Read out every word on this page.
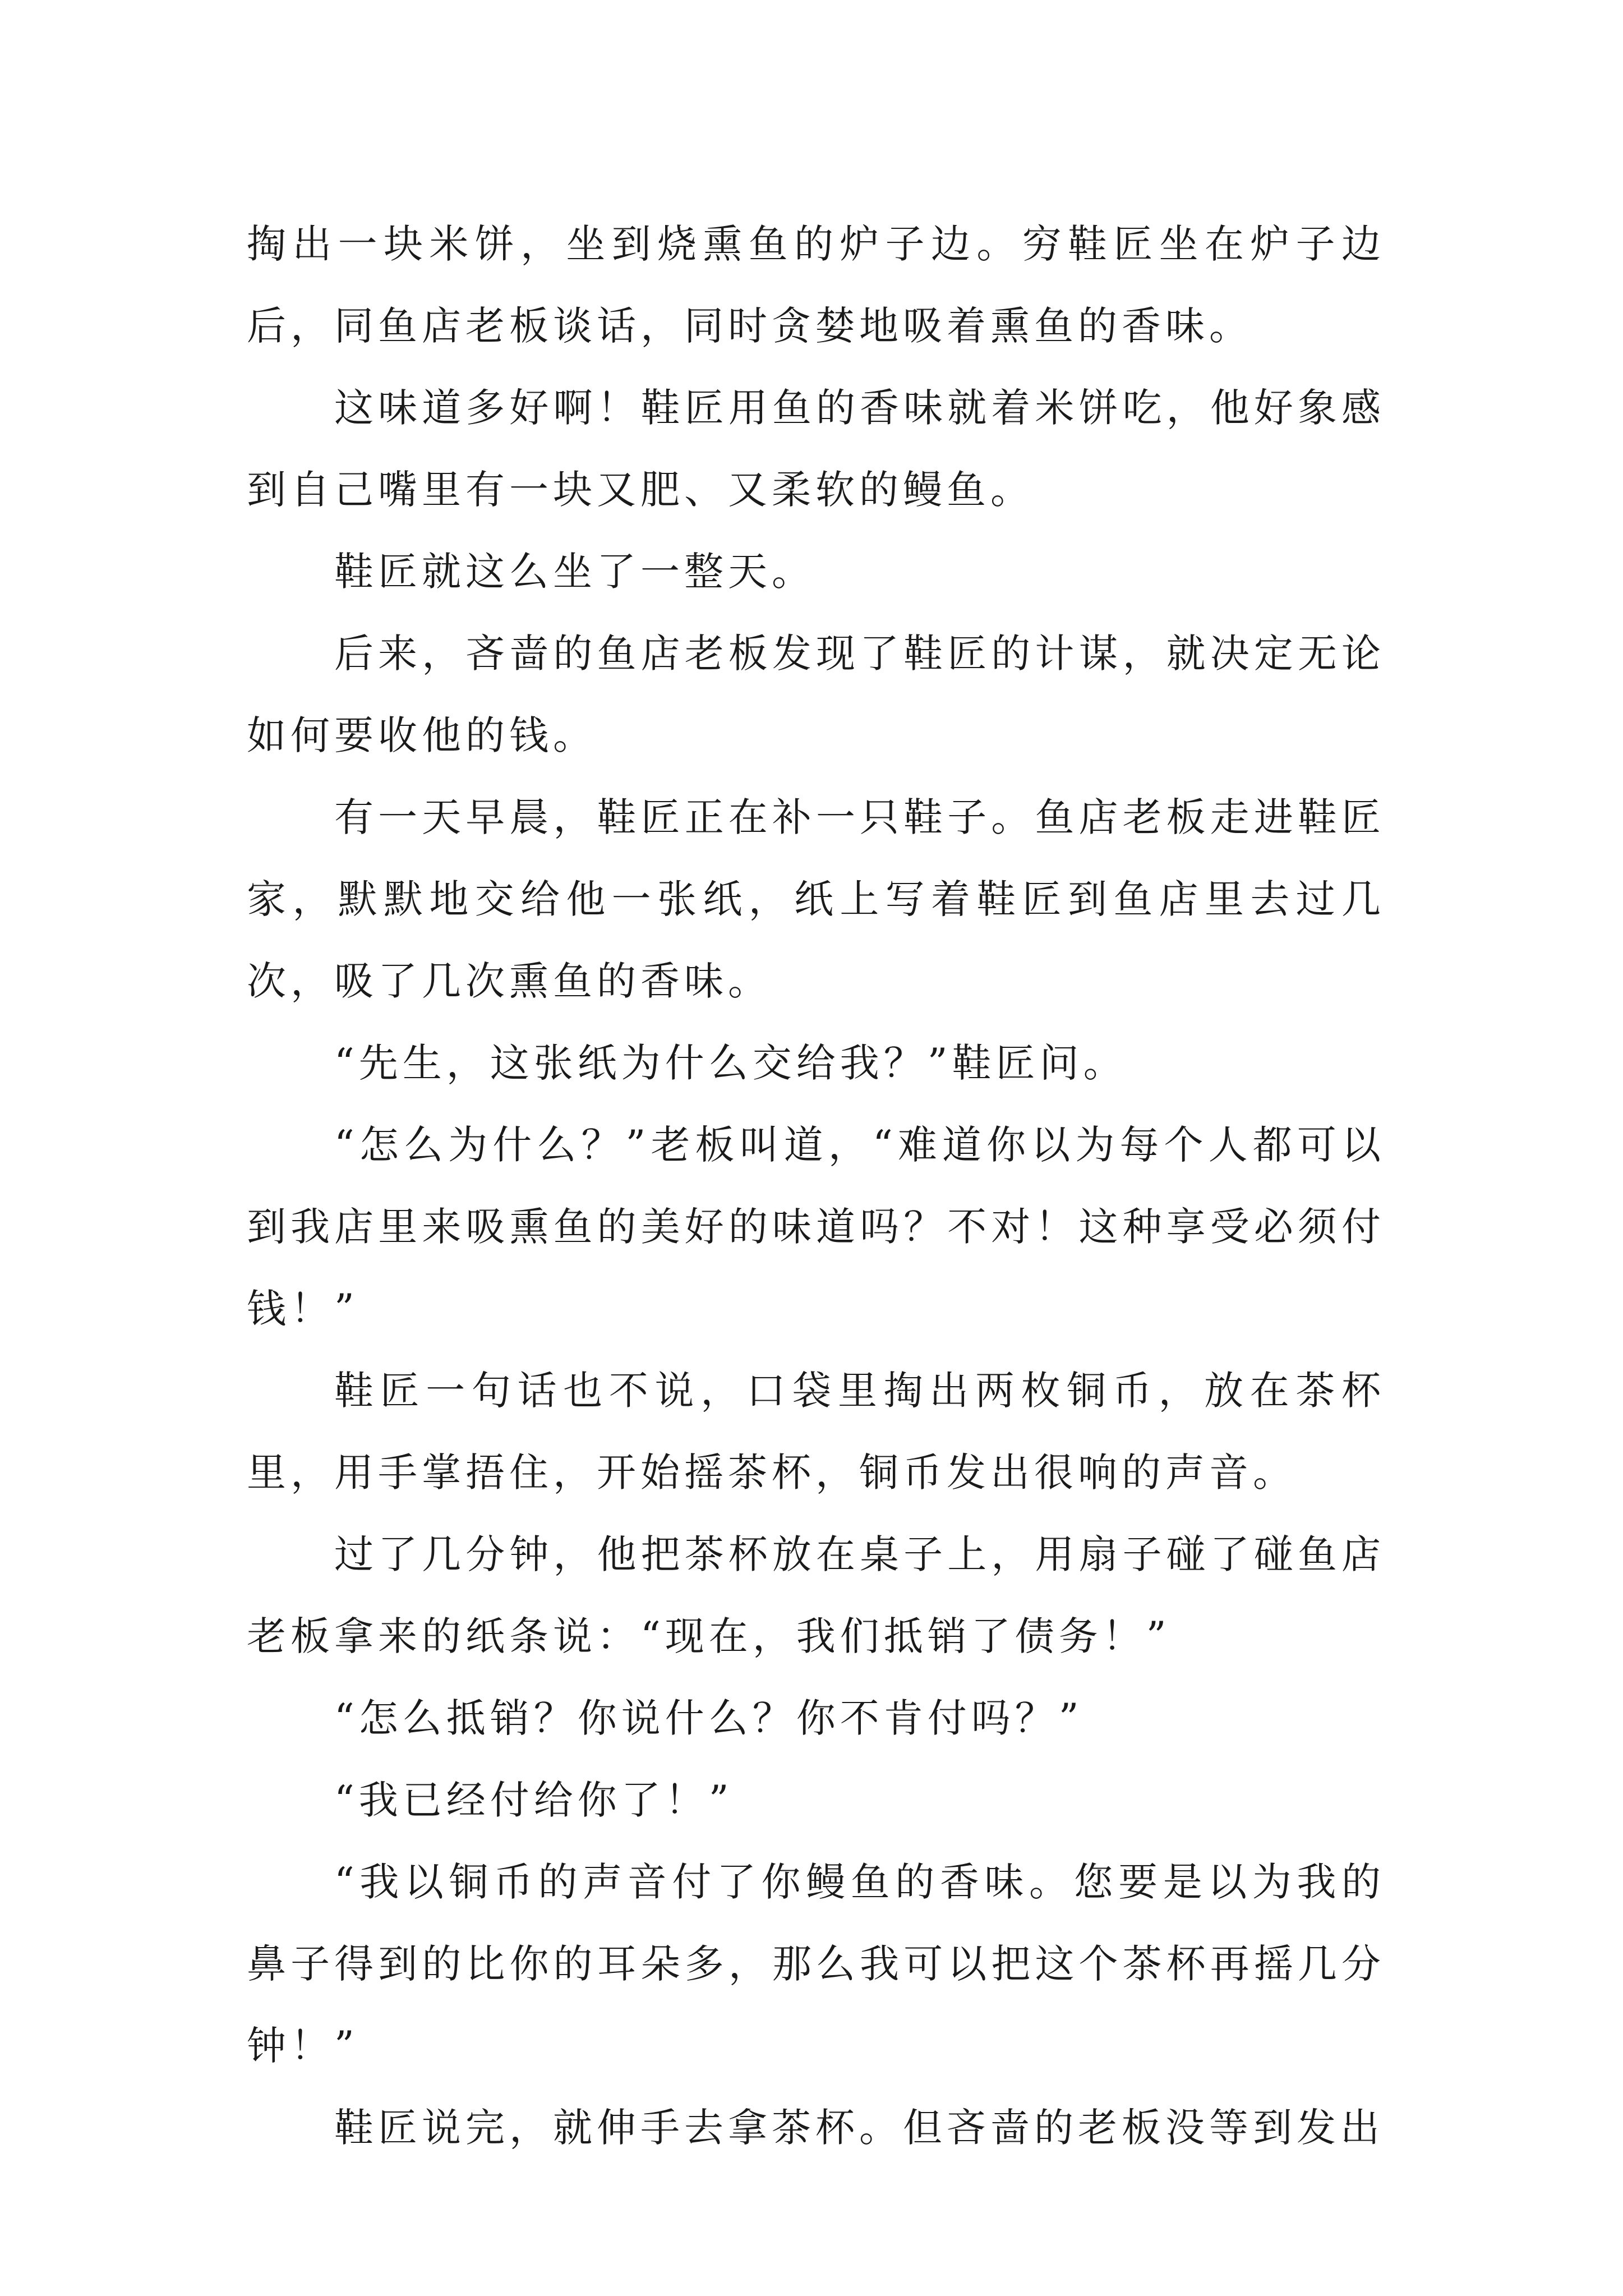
掏出一块米饼，坐到烧熏鱼的炉子边。穷鞋匠坐在炉子边后，同鱼店老板谈话，同时贪婪地吸着熏鱼的香味。

这味道多好啊！鞋匠用鱼的香味就着米饼吃，他好象感到自己嘴里有一块又肥、又柔软的鳗鱼。

鞋匠就这么坐了一整天。

后来，吝啬的鱼店老板发现了鞋匠的计谋，就决定无论如何要收他的钱。

有一天早晨，鞋匠正在补一只鞋子。鱼店老板走进鞋匠家，默默地交给他一张纸，纸上写着鞋匠到鱼店里去过几次，吸了几次熏鱼的香味。

“先生，这张纸为什么交给我？”鞋匠问。

“怎么为什么？”老板叫道，“难道你以为每个人都可以到我店里来吸熏鱼的美好的味道吗？不对！这种享受必须付钱！”

鞋匠一句话也不说，口袋里掏出两枚铜币，放在茶杯里，用手掌捂住，开始摇茶杯，铜币发出很响的声音。

过了几分钟，他把茶杯放在桌子上，用扇子碰了碰鱼店老板拿来的纸条说：“现在，我们抵销了债务！”

“怎么抵销？你说什么？你不肯付吗？”

“我已经付给你了！”

“我以铜币的声音付了你鳗鱼的香味。您要是以为我的鼻子得到的比你的耳朵多，那么我可以把这个茶杯再摇几分钟！”

鞋匠说完，就伸手去拿茶杯。但吝啬的老板没等到发出
